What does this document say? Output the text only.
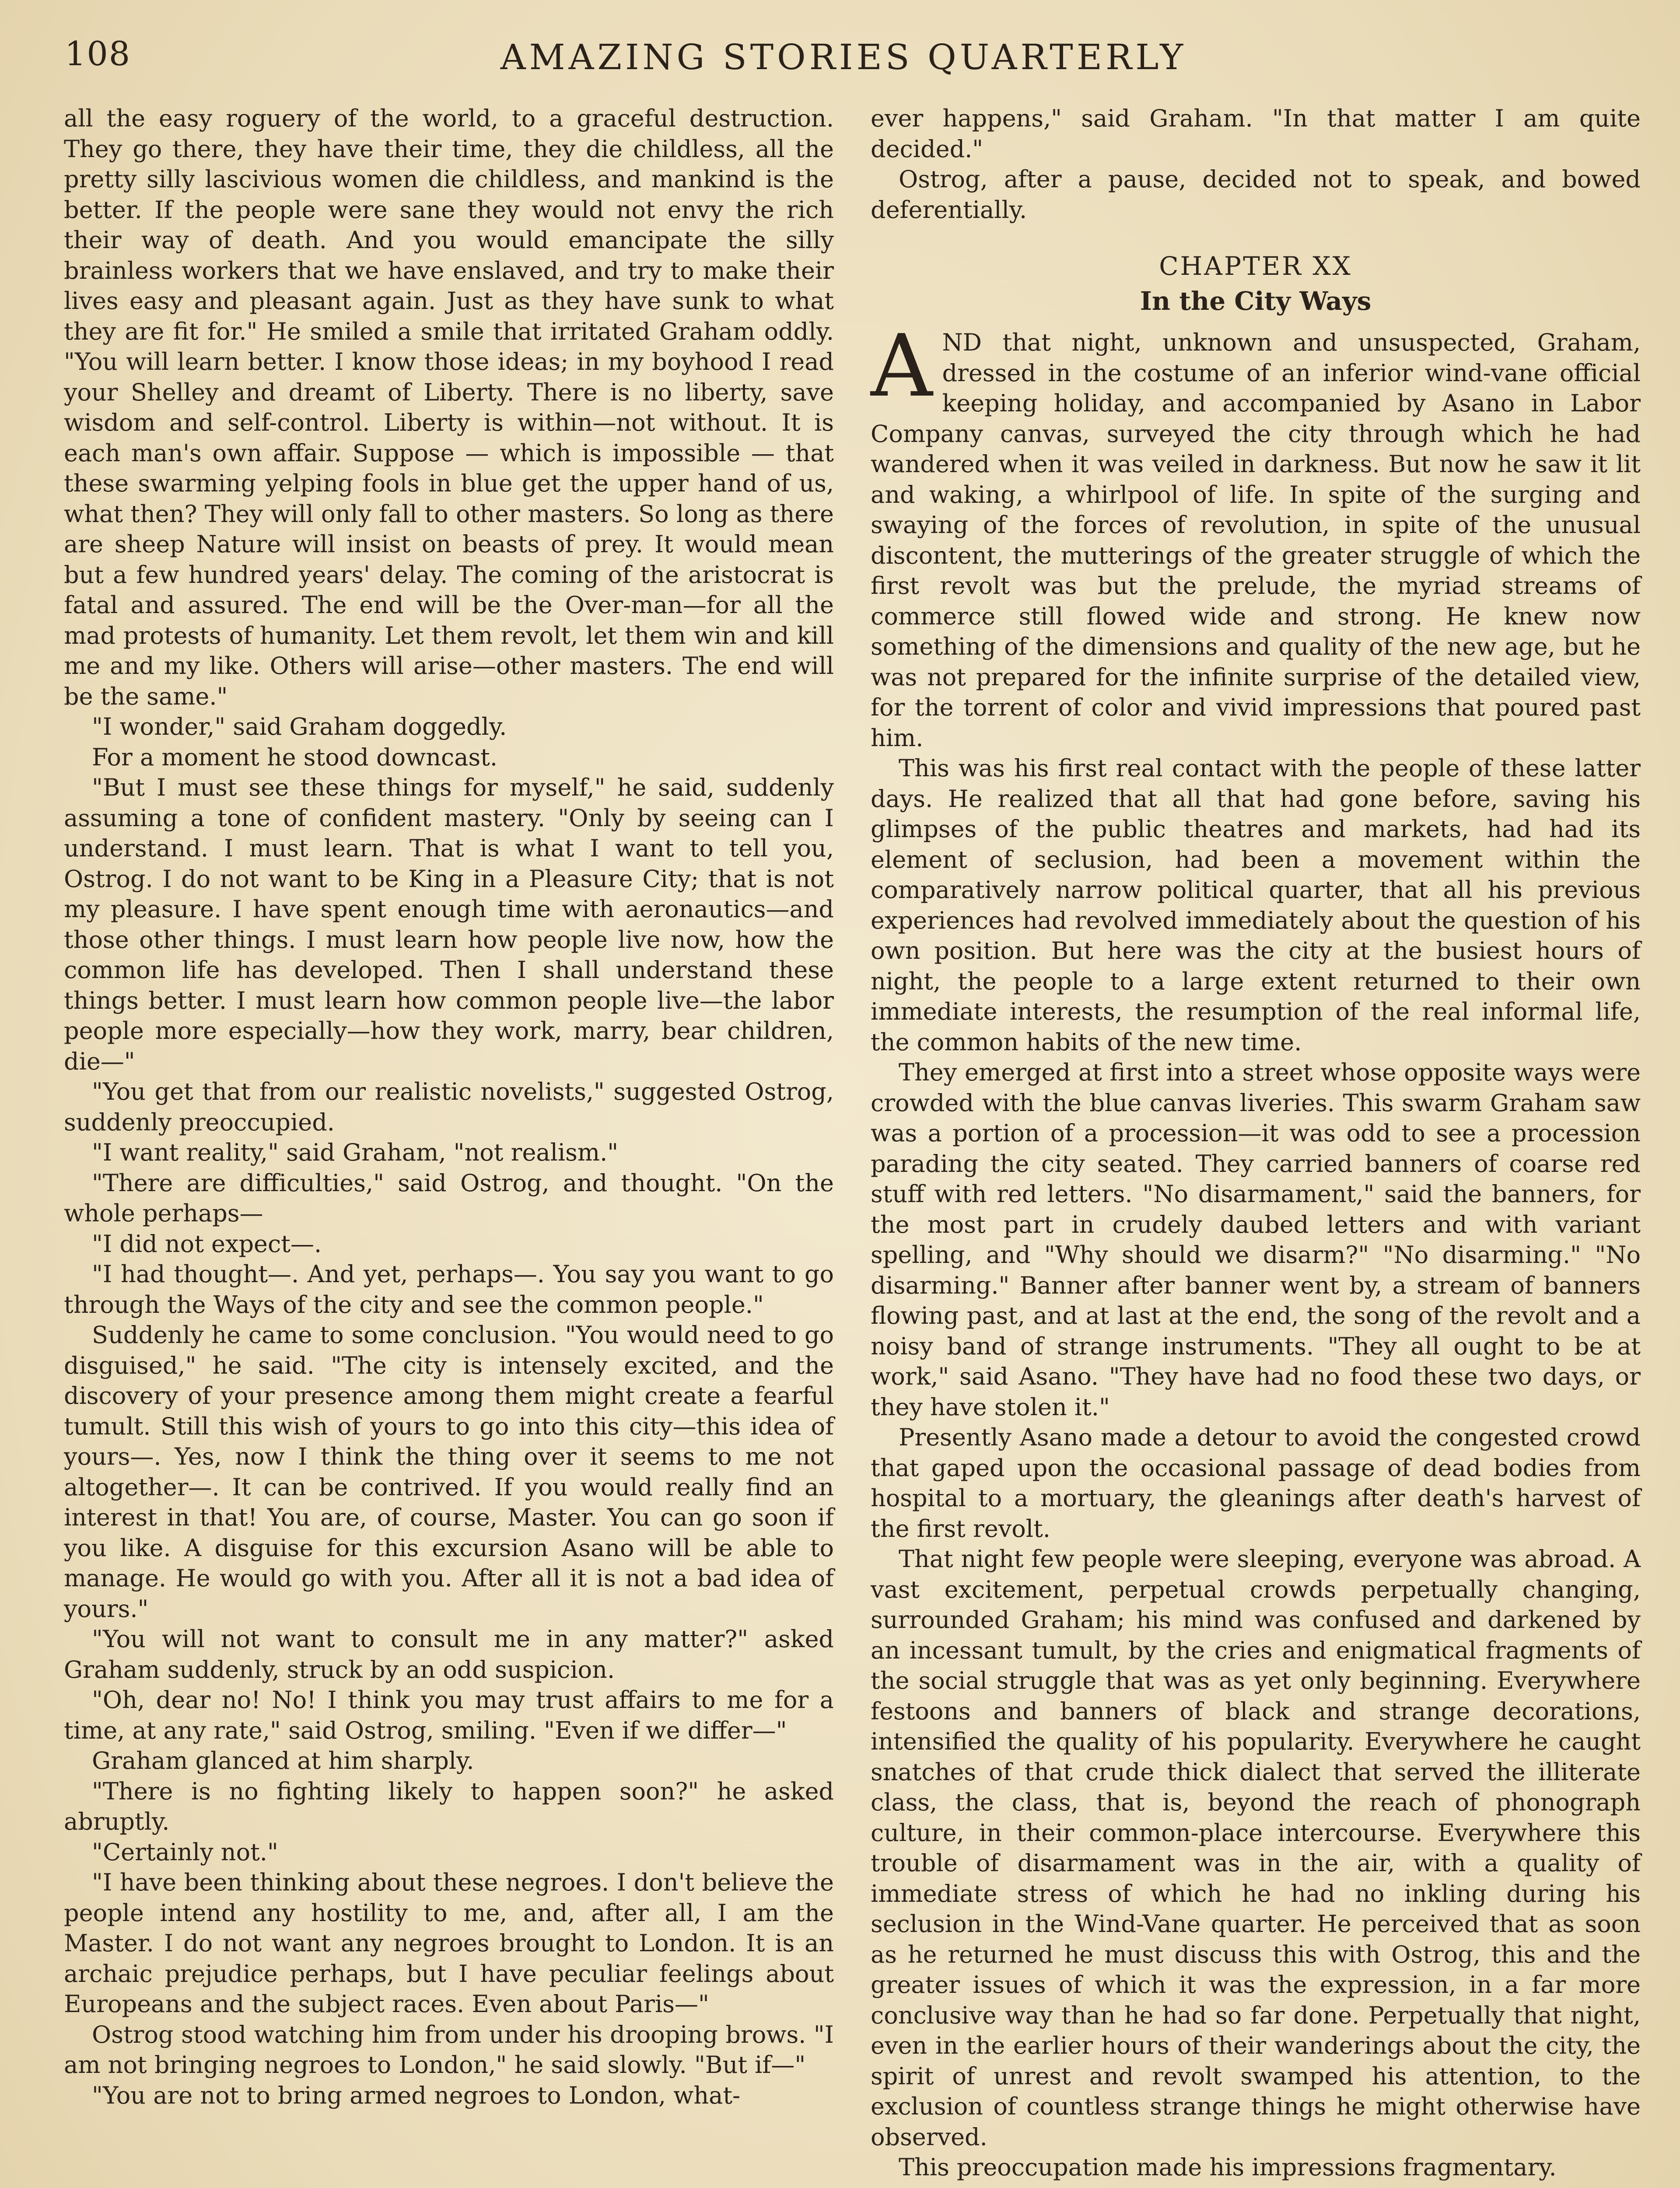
108	AMAZING STORIES QUARTERLY

all the easy roguery of the world, to a graceful destruction. They go there, they have their time, they die childless, all the pretty silly lascivious women die childless, and mankind is the better. If the people were sane they would not envy the rich their way of death. And you would emancipate the silly brainless workers that we have enslaved, and try to make their lives easy and pleasant again. Just as they have sunk to what they are fit for." He smiled a smile that irritated Graham oddly. "You will learn better. I know those ideas; in my boyhood I read your Shelley and dreamt of Liberty. There is no liberty, save wisdom and self-control. Liberty is within—not without. It is each man's own affair. Suppose — which is impossible — that these swarming yelping fools in blue get the upper hand of us, what then? They will only fall to other masters. So long as there are sheep Nature will insist on beasts of prey. It would mean but a few hundred years' delay. The coming of the aristocrat is fatal and assured. The end will be the Over-man—for all the mad protests of humanity. Let them revolt, let them win and kill me and my like. Others will arise—other masters. The end will be the same."

"I wonder," said Graham doggedly.

For a moment he stood downcast.

"But I must see these things for myself," he said, suddenly assuming a tone of confident mastery. "Only by seeing can I understand. I must learn. That is what I want to tell you, Ostrog. I do not want to be King in a Pleasure City; that is not my pleasure. I have spent enough time with aeronautics—and those other things. I must learn how people live now, how the common life has developed. Then I shall understand these things better. I must learn how common people live—the labor people more especially—how they work, marry, bear children, die—"

"You get that from our realistic novelists," suggested Ostrog, suddenly preoccupied.

"I want reality," said Graham, "not realism."

"There are difficulties," said Ostrog, and thought. "On the whole perhaps—

"I did not expect—.

"I had thought—. And yet, perhaps—. You say you want to go through the Ways of the city and see the common people."

Suddenly he came to some conclusion. "You would need to go disguised," he said. "The city is intensely excited, and the discovery of your presence among them might create a fearful tumult. Still this wish of yours to go into this city—this idea of yours—. Yes, now I think the thing over it seems to me not altogether—. It can be contrived. If you would really find an interest in that! You are, of course, Master. You can go soon if you like. A disguise for this excursion Asano will be able to manage. He would go with you. After all it is not a bad idea of yours."

"You will not want to consult me in any matter?" asked Graham suddenly, struck by an odd suspicion.

"Oh, dear no! No! I think you may trust affairs to me for a time, at any rate," said Ostrog, smiling. "Even if we differ—"

Graham glanced at him sharply.

"There is no fighting likely to happen soon?" he asked abruptly.

"Certainly not."

"I have been thinking about these negroes. I don't believe the people intend any hostility to me, and, after all, I am the Master. I do not want any negroes brought to London. It is an archaic prejudice perhaps, but I have peculiar feelings about Europeans and the subject races. Even about Paris—"

Ostrog stood watching him from under his drooping brows. "I am not bringing negroes to London," he said slowly. "But if—"

"You are not to bring armed negroes to London, what-

ever happens," said Graham. "In that matter I am quite decided."

Ostrog, after a pause, decided not to speak, and bowed deferentially.

CHAPTER XX
In the City Ways

AND that night, unknown and unsuspected, Graham, dressed in the costume of an inferior wind-vane official keeping holiday, and accompanied by Asano in Labor Company canvas, surveyed the city through which he had wandered when it was veiled in darkness. But now he saw it lit and waking, a whirlpool of life. In spite of the surging and swaying of the forces of revolution, in spite of the unusual discontent, the mutterings of the greater struggle of which the first revolt was but the prelude, the myriad streams of commerce still flowed wide and strong. He knew now something of the dimensions and quality of the new age, but he was not prepared for the infinite surprise of the detailed view, for the torrent of color and vivid impressions that poured past him.

This was his first real contact with the people of these latter days. He realized that all that had gone before, saving his glimpses of the public theatres and markets, had had its element of seclusion, had been a movement within the comparatively narrow political quarter, that all his previous experiences had revolved immediately about the question of his own position. But here was the city at the busiest hours of night, the people to a large extent returned to their own immediate interests, the resumption of the real informal life, the common habits of the new time.

They emerged at first into a street whose opposite ways were crowded with the blue canvas liveries. This swarm Graham saw was a portion of a procession—it was odd to see a procession parading the city seated. They carried banners of coarse red stuff with red letters. "No disarmament," said the banners, for the most part in crudely daubed letters and with variant spelling, and "Why should we disarm?" "No disarming." "No disarming." Banner after banner went by, a stream of banners flowing past, and at last at the end, the song of the revolt and a noisy band of strange instruments. "They all ought to be at work," said Asano. "They have had no food these two days, or they have stolen it."

Presently Asano made a detour to avoid the congested crowd that gaped upon the occasional passage of dead bodies from hospital to a mortuary, the gleanings after death's harvest of the first revolt.

That night few people were sleeping, everyone was abroad. A vast excitement, perpetual crowds perpetually changing, surrounded Graham; his mind was confused and darkened by an incessant tumult, by the cries and enigmatical fragments of the social struggle that was as yet only beginning. Everywhere festoons and banners of black and strange decorations, intensified the quality of his popularity. Everywhere he caught snatches of that crude thick dialect that served the illiterate class, the class, that is, beyond the reach of phonograph culture, in their common-place intercourse. Everywhere this trouble of disarmament was in the air, with a quality of immediate stress of which he had no inkling during his seclusion in the Wind-Vane quarter. He perceived that as soon as he returned he must discuss this with Ostrog, this and the greater issues of which it was the expression, in a far more conclusive way than he had so far done. Perpetually that night, even in the earlier hours of their wanderings about the city, the spirit of unrest and revolt swamped his attention, to the exclusion of countless strange things he might otherwise have observed.

This preoccupation made his impressions fragmentary.
